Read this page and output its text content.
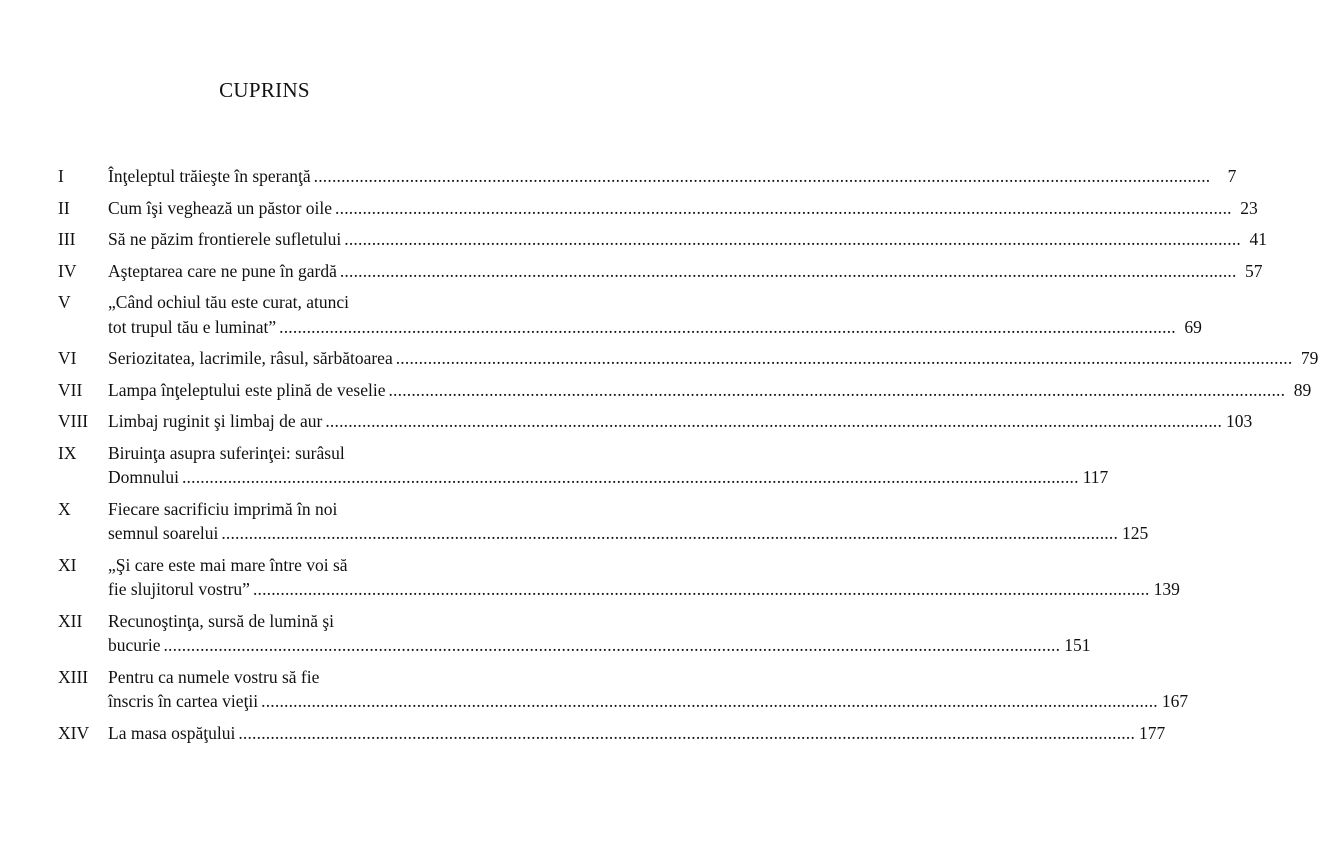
CUPRINS
I	Înţeleptul trăieşte în speranţă .....	7
II	Cum îşi veghează un păstor oile .....	23
III	Să ne păzim frontierele sufletului .....	41
IV	Aşteptarea care ne pune în gardă .....	57
V	„Când ochiul tău este curat, atunci
tot trupul tău e luminat” .....	69
VI	Seriozitatea, lacrimile, râsul, sărbătoarea .....	79
VII	Lampa înţeleptului este plină de veselie .....	89
VIII	Limbaj ruginit şi limbaj de aur .....	103
IX	Biruinţa asupra suferinţei: surâsul
Domnului .....	117
X	Fiecare sacrificiu imprimă în noi
semnul soarelui .....	125
XI	„Şi care este mai mare între voi să
fie slujitorul vostru” .....	139
XII	Recunoştinţa, sursă de lumină şi
bucurie .....	151
XIII	Pentru ca numele vostru să fie
înscris în cartea vieţii .....	167
XIV	La masa ospăţului .....	177
